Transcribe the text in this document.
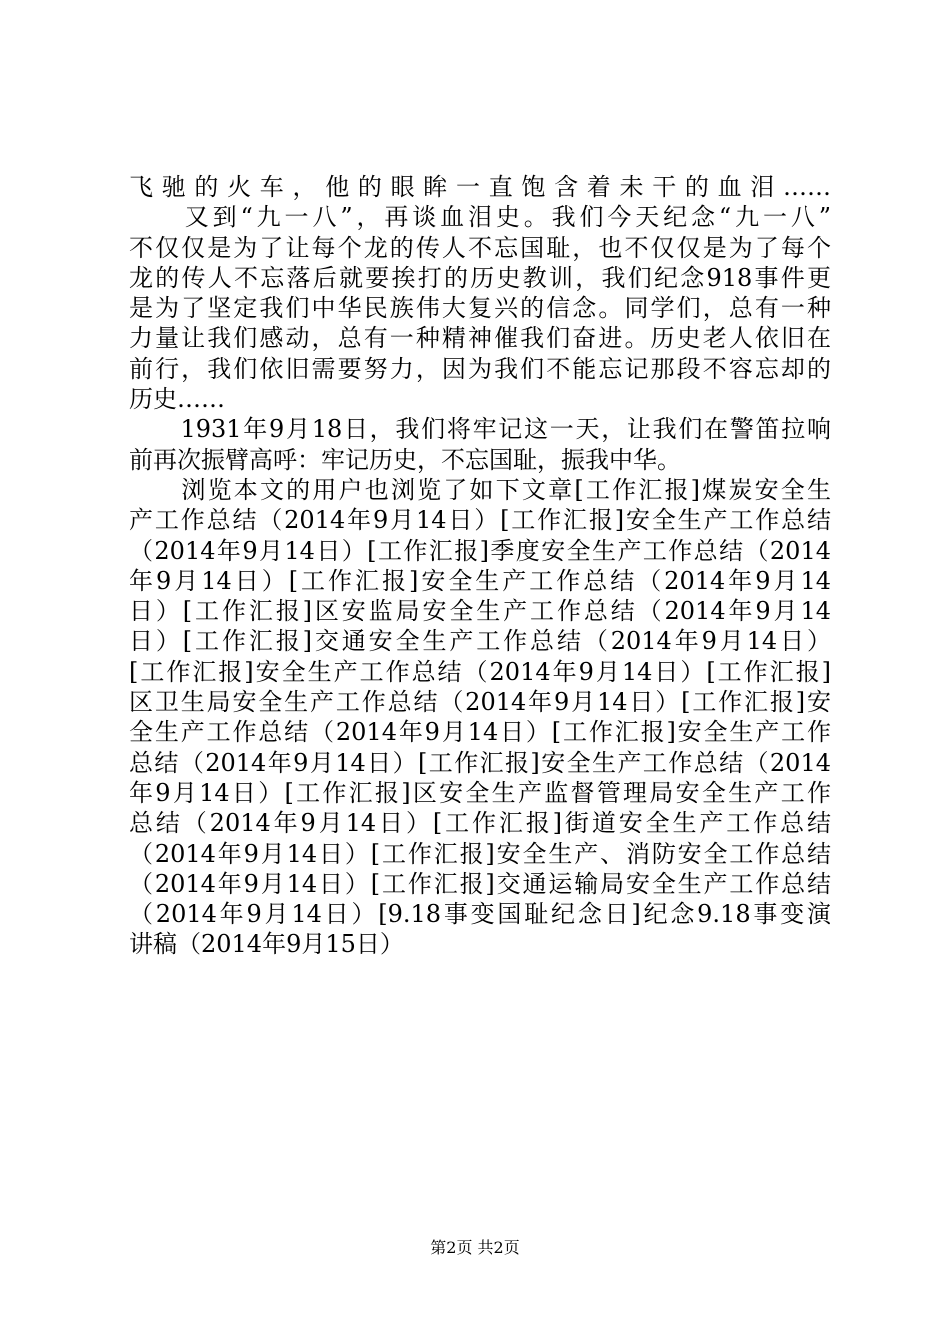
飞驰的火车，他的眼眸一直饱含着未干的血泪……
　　又到“九一八”，再谈血泪史。我们今天纪念“九一八”
不仅仅是为了让每个龙的传人不忘国耻，也不仅仅是为了每个
龙的传人不忘落后就要挨打的历史教训，我们纪念918事件更
是为了坚定我们中华民族伟大复兴的信念。同学们，总有一种
力量让我们感动，总有一种精神催我们奋进。历史老人依旧在
前行，我们依旧需要努力，因为我们不能忘记那段不容忘却的
历史……
　　1931年9月18日，我们将牢记这一天，让我们在警笛拉响
前再次振臂高呼：牢记历史，不忘国耻，振我中华。
　　浏览本文的用户也浏览了如下文章[工作汇报]煤炭安全生
产工作总结（2014年9月14日）[工作汇报]安全生产工作总结
（2014年9月14日）[工作汇报]季度安全生产工作总结（2014
年9月14日）[工作汇报]安全生产工作总结（2014年9月14
日）[工作汇报]区安监局安全生产工作总结（2014年9月14
日）[工作汇报]交通安全生产工作总结（2014年9月14日）
[工作汇报]安全生产工作总结（2014年9月14日）[工作汇报]
区卫生局安全生产工作总结（2014年9月14日）[工作汇报]安
全生产工作总结（2014年9月14日）[工作汇报]安全生产工作
总结（2014年9月14日）[工作汇报]安全生产工作总结（2014
年9月14日）[工作汇报]区安全生产监督管理局安全生产工作
总结（2014年9月14日）[工作汇报]街道安全生产工作总结
（2014年9月14日）[工作汇报]安全生产、消防安全工作总结
（2014年9月14日）[工作汇报]交通运输局安全生产工作总结
（2014年9月14日）[9.18事变国耻纪念日]纪念9.18事变演
讲稿（2014年9月15日）
第2页 共2页
